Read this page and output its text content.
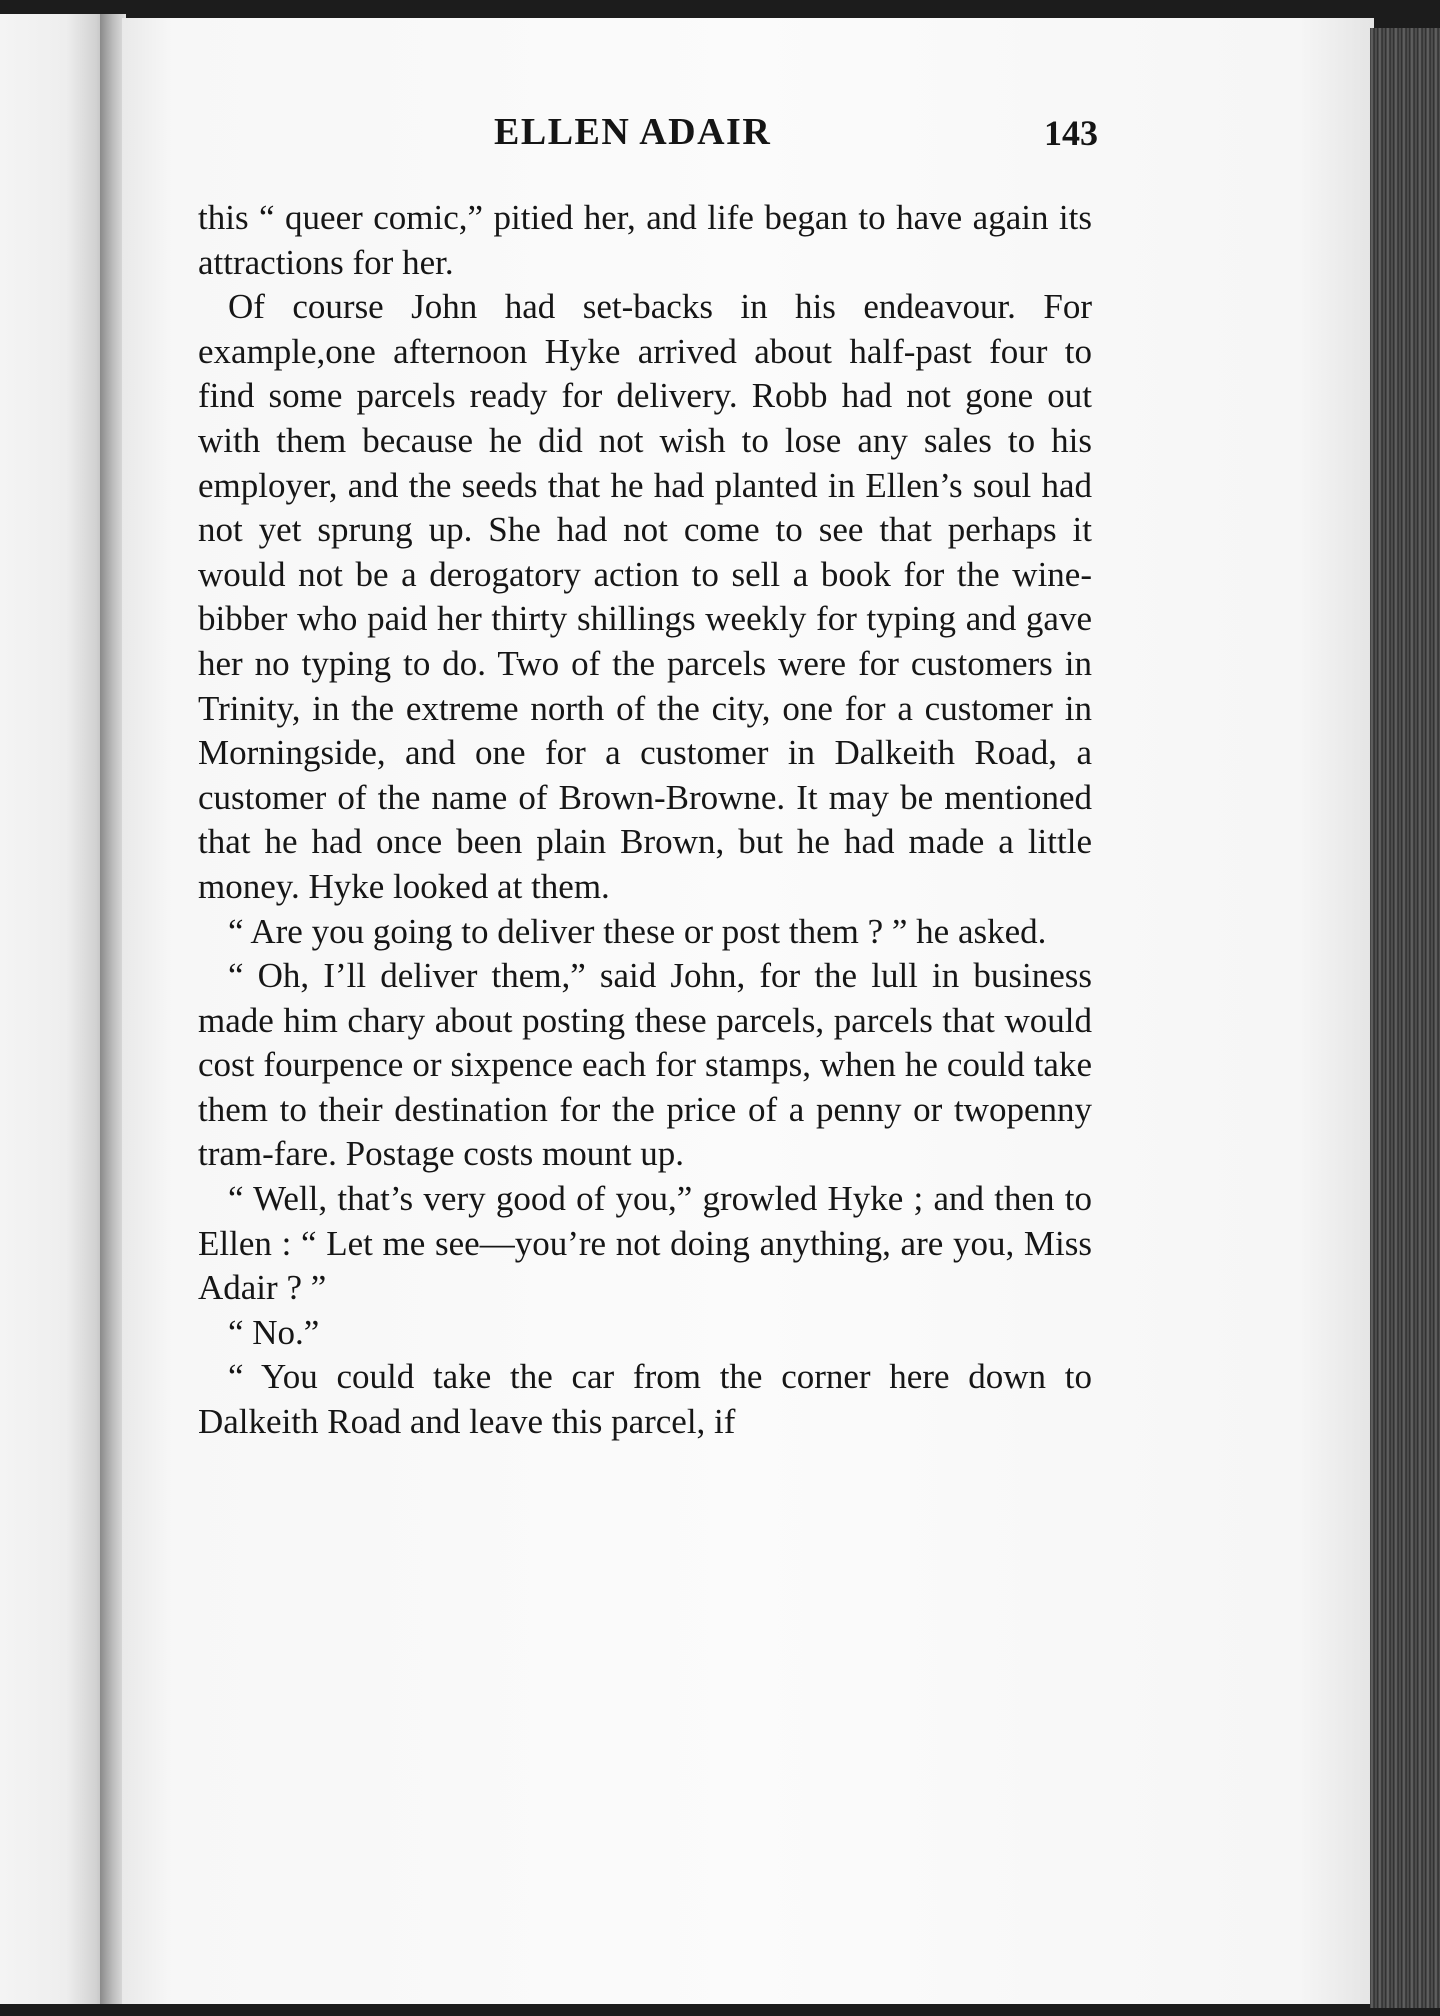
ELLEN ADAIR	143

this “ queer comic,” pitied her, and life began to have again its attractions for her.

Of course John had set-backs in his endeavour. For example,one afternoon Hyke arrived about half-past four to find some parcels ready for delivery. Robb had not gone out with them because he did not wish to lose any sales to his employer, and the seeds that he had planted in Ellen’s soul had not yet sprung up. She had not come to see that perhaps it would not be a derogatory action to sell a book for the wine-bibber who paid her thirty shillings weekly for typing and gave her no typing to do. Two of the parcels were for customers in Trinity, in the extreme north of the city, one for a customer in Morningside, and one for a customer in Dalkeith Road, a customer of the name of Brown-Browne. It may be mentioned that he had once been plain Brown, but he had made a little money. Hyke looked at them.

“ Are you going to deliver these or post them ? ” he asked.

“ Oh, I’ll deliver them,” said John, for the lull in business made him chary about posting these parcels, parcels that would cost fourpence or sixpence each for stamps, when he could take them to their destination for the price of a penny or twopenny tram-fare. Postage costs mount up.

“ Well, that’s very good of you,” growled Hyke ; and then to Ellen : “ Let me see—you’re not doing anything, are you, Miss Adair ? ”

“ No.”

“ You could take the car from the corner here down to Dalkeith Road and leave this parcel, if
